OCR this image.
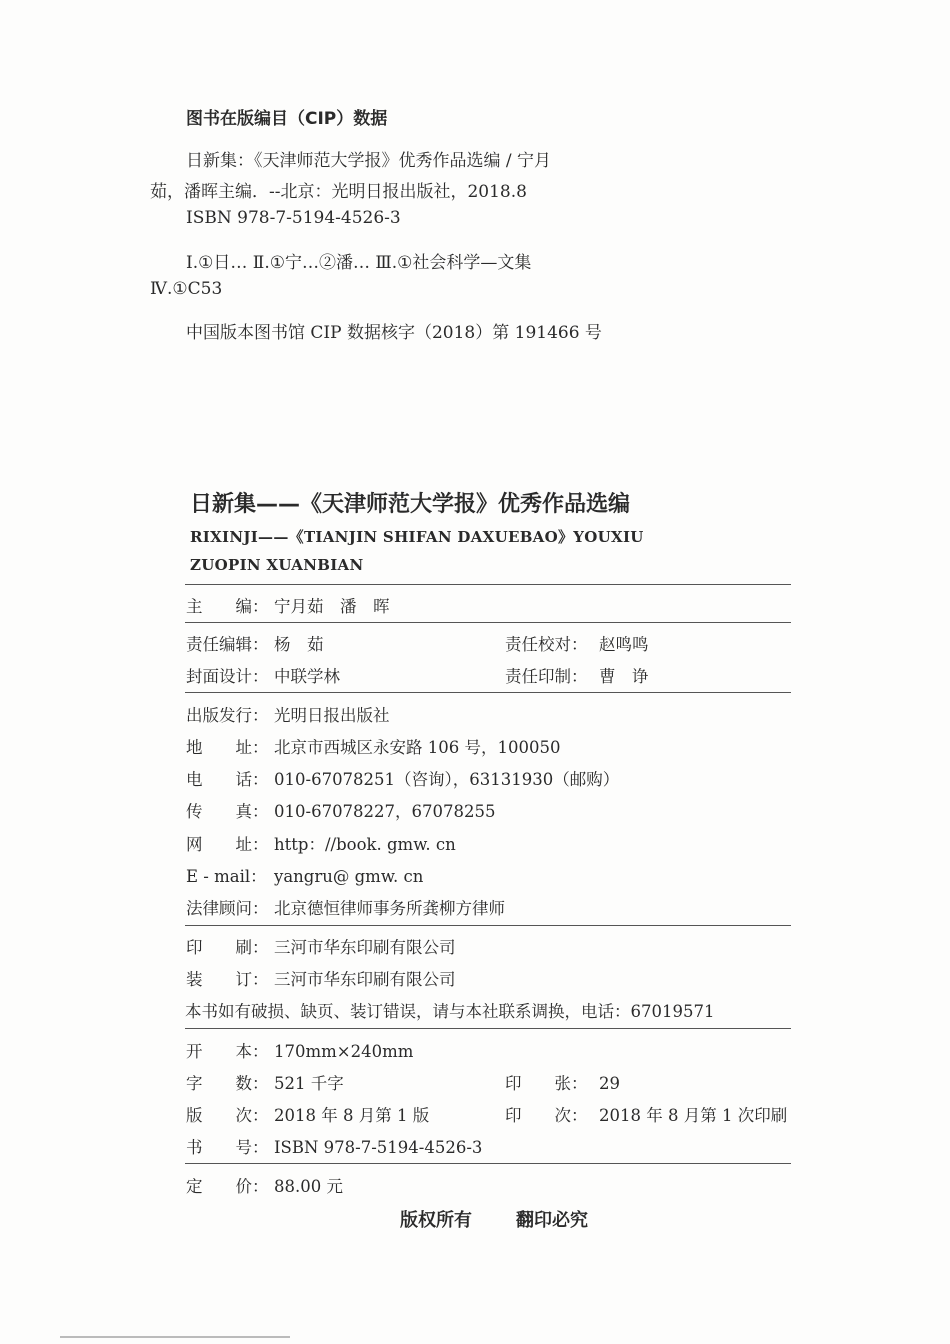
图书在版编目（CIP）数据
日新集：《天津师范大学报》优秀作品选编 / 宁月
茹，潘晖主编．--北京：光明日报出版社，2018.8
ISBN 978-7-5194-4526-3
Ⅰ.①日… Ⅱ.①宁…②潘… Ⅲ.①社会科学—文集
Ⅳ.①C53
中国版本图书馆 CIP 数据核字（2018）第 191466 号
日新集——《天津师范大学报》优秀作品选编
RIXINJI——《TIANJIN SHIFAN DAXUEBAO》YOUXIU
ZUOPIN XUANBIAN
主　　编： 宁月茹　潘　晖
责任编辑： 杨　茹	责任校对： 赵鸣鸣
封面设计： 中联学林	责任印制： 曹　诤
出版发行： 光明日报出版社
地　　址： 北京市西城区永安路 106 号，100050
电　　话： 010-67078251（咨询），63131930（邮购）
传　　真： 010-67078227，67078255
网　　址： http：//book. gmw. cn
E - mail： yangru@ gmw. cn
法律顾问： 北京德恒律师事务所龚柳方律师
印　　刷： 三河市华东印刷有限公司
装　　订： 三河市华东印刷有限公司
本书如有破损、缺页、装订错误，请与本社联系调换，电话：67019571
开　　本： 170mm×240mm
字　　数： 521 千字	印　　张： 29
版　　次： 2018 年 8 月第 1 版	印　　次： 2018 年 8 月第 1 次印刷
书　　号： ISBN 978-7-5194-4526-3
定　　价： 88.00 元
版权所有 翻印必究
